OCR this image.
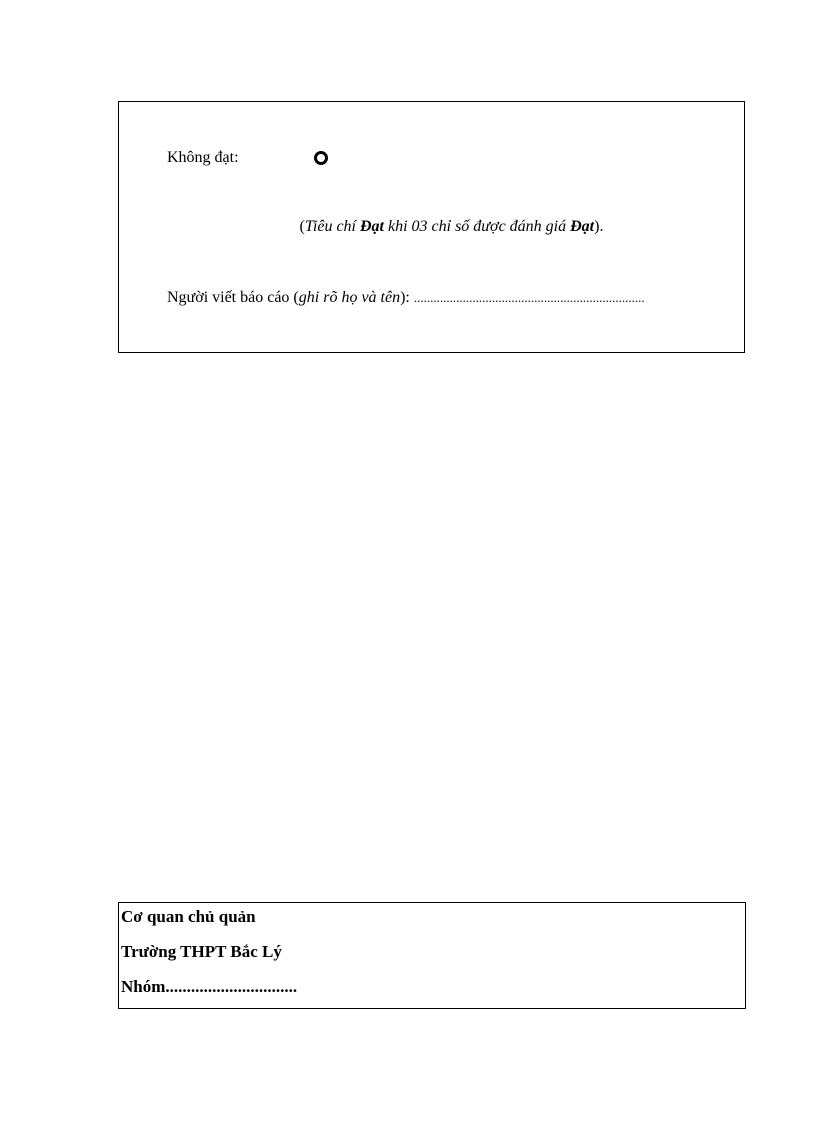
Không đạt:
(Tiêu chí Đạt khi 03 chỉ số được đánh giá Đạt).
Người viết báo cáo (ghi rõ họ và tên): .......................................................................
Cơ quan chủ quản
Trường THPT Bắc Lý
Nhóm...............................
